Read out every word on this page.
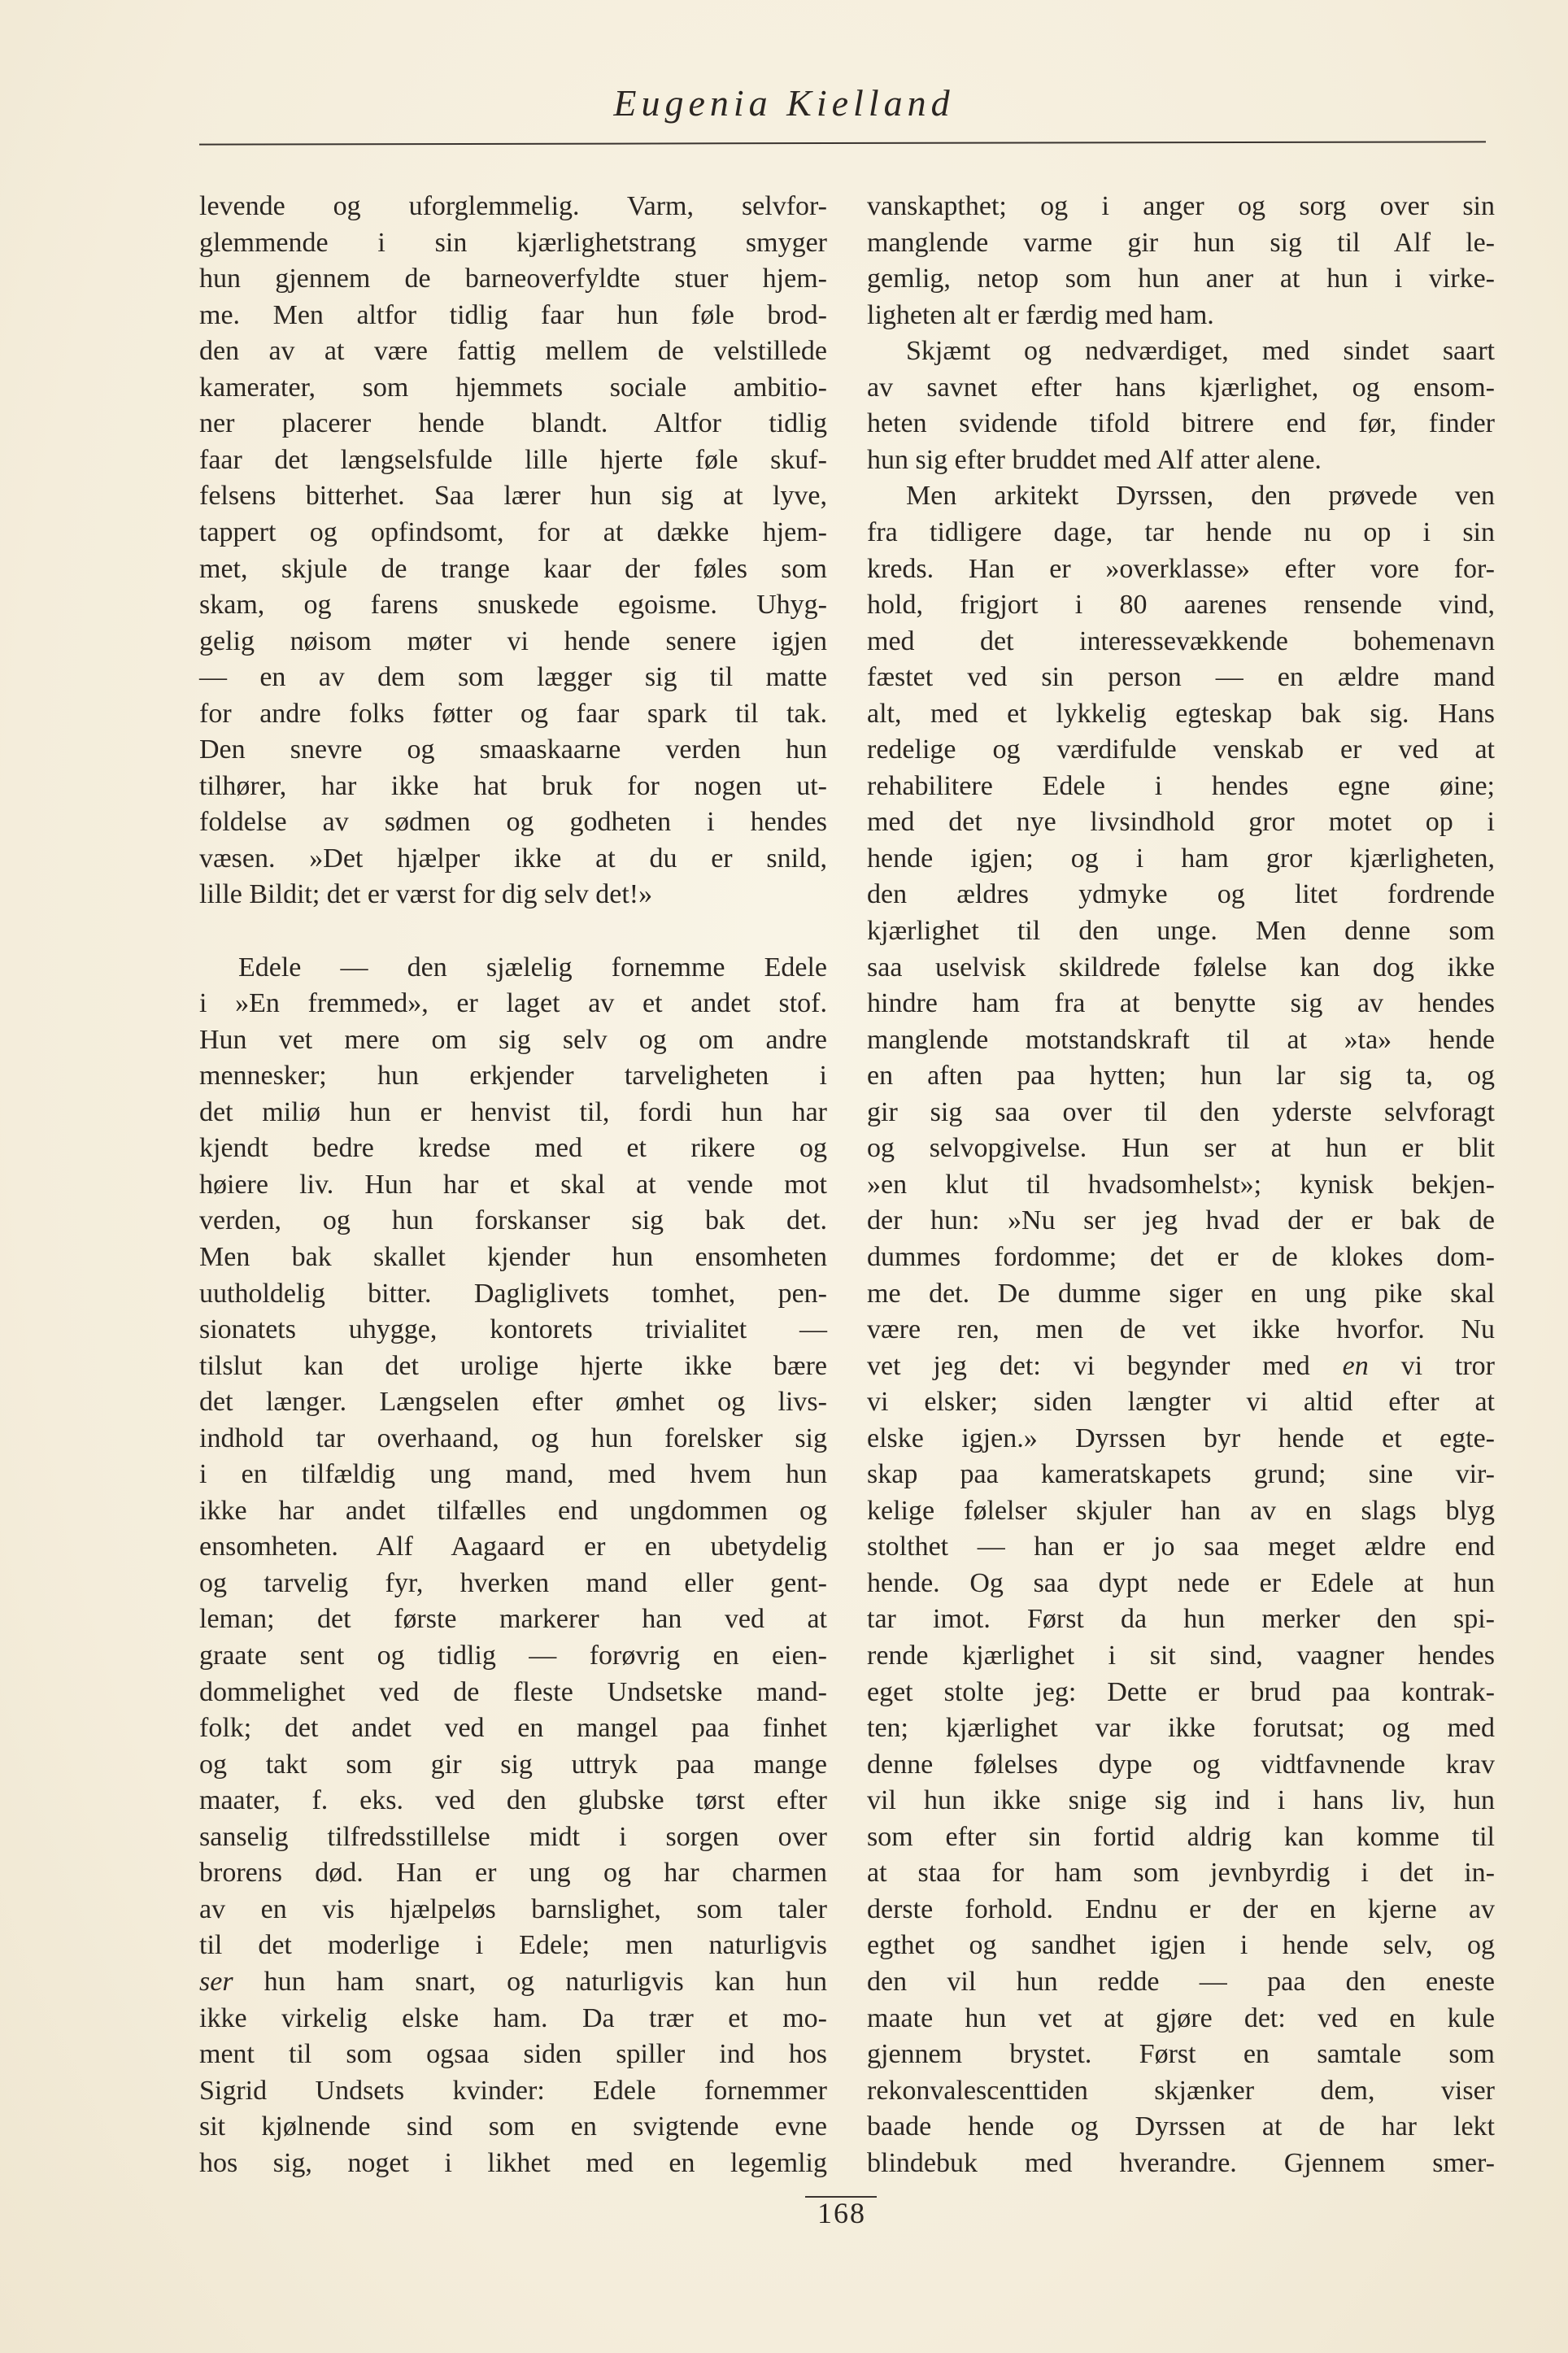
Eugenia Kielland
levende og uforglemmelig. Varm, selvfor-
glemmende i sin kjærlighetstrang smyger
hun gjennem de barneoverfyldte stuer hjem-
me. Men altfor tidlig faar hun føle brod-
den av at være fattig mellem de velstillede
kamerater, som hjemmets sociale ambitio-
ner placerer hende blandt. Altfor tidlig
faar det længselsfulde lille hjerte føle skuf-
felsens bitterhet. Saa lærer hun sig at lyve,
tappert og opfindsomt, for at dække hjem-
met, skjule de trange kaar der føles som
skam, og farens snuskede egoisme. Uhyg-
gelig nøisom møter vi hende senere igjen
— en av dem som lægger sig til matte
for andre folks føtter og faar spark til tak.
Den snevre og smaaskaarne verden hun
tilhører, har ikke hat bruk for nogen ut-
foldelse av sødmen og godheten i hendes
væsen. »Det hjælper ikke at du er snild,
lille Bildit; det er værst for dig selv det!»
Edele — den sjælelig fornemme Edele
i »En fremmed», er laget av et andet stof.
Hun vet mere om sig selv og om andre
mennesker; hun erkjender tarveligheten i
det miliø hun er henvist til, fordi hun har
kjendt bedre kredse med et rikere og
høiere liv. Hun har et skal at vende mot
verden, og hun forskanser sig bak det.
Men bak skallet kjender hun ensomheten
uutholdelig bitter. Dagliglivets tomhet, pen-
sionatets uhygge, kontorets trivialitet —
tilslut kan det urolige hjerte ikke bære
det længer. Længselen efter ømhet og livs-
indhold tar overhaand, og hun forelsker sig
i en tilfældig ung mand, med hvem hun
ikke har andet tilfælles end ungdommen og
ensomheten. Alf Aagaard er en ubetydelig
og tarvelig fyr, hverken mand eller gent-
leman; det første markerer han ved at
graate sent og tidlig — forøvrig en eien-
dommelighet ved de fleste Undsetske mand-
folk; det andet ved en mangel paa finhet
og takt som gir sig uttryk paa mange
maater, f. eks. ved den glubske tørst efter
sanselig tilfredsstillelse midt i sorgen over
brorens død. Han er ung og har charmen
av en vis hjælpeløs barnslighet, som taler
til det moderlige i Edele; men naturligvis
ser hun ham snart, og naturligvis kan hun
ikke virkelig elske ham. Da trær et mo-
ment til som ogsaa siden spiller ind hos
Sigrid Undsets kvinder: Edele fornemmer
sit kjølnende sind som en svigtende evne
hos sig, noget i likhet med en legemlig
vanskapthet; og i anger og sorg over sin
manglende varme gir hun sig til Alf le-
gemlig, netop som hun aner at hun i virke-
ligheten alt er færdig med ham.
Skjæmt og nedværdiget, med sindet saart
av savnet efter hans kjærlighet, og ensom-
heten svidende tifold bitrere end før, finder
hun sig efter bruddet med Alf atter alene.
Men arkitekt Dyrssen, den prøvede ven
fra tidligere dage, tar hende nu op i sin
kreds. Han er »overklasse» efter vore for-
hold, frigjort i 80 aarenes rensende vind,
med det interessevækkende bohemenavn
fæstet ved sin person — en ældre mand
alt, med et lykkelig egteskap bak sig. Hans
redelige og værdifulde venskab er ved at
rehabilitere Edele i hendes egne øine;
med det nye livsindhold gror motet op i
hende igjen; og i ham gror kjærligheten,
den ældres ydmyke og litet fordrende
kjærlighet til den unge. Men denne som
saa uselvisk skildrede følelse kan dog ikke
hindre ham fra at benytte sig av hendes
manglende motstandskraft til at »ta» hende
en aften paa hytten; hun lar sig ta, og
gir sig saa over til den yderste selvforagt
og selvopgivelse. Hun ser at hun er blit
»en klut til hvadsomhelst»; kynisk bekjen-
der hun: »Nu ser jeg hvad der er bak de
dummes fordomme; det er de klokes dom-
me det. De dumme siger en ung pike skal
være ren, men de vet ikke hvorfor. Nu
vet jeg det: vi begynder med en vi tror
vi elsker; siden længter vi altid efter at
elske igjen.» Dyrssen byr hende et egte-
skap paa kameratskapets grund; sine vir-
kelige følelser skjuler han av en slags blyg
stolthet — han er jo saa meget ældre end
hende. Og saa dypt nede er Edele at hun
tar imot. Først da hun merker den spi-
rende kjærlighet i sit sind, vaagner hendes
eget stolte jeg: Dette er brud paa kontrak-
ten; kjærlighet var ikke forutsat; og med
denne følelses dype og vidtfavnende krav
vil hun ikke snige sig ind i hans liv, hun
som efter sin fortid aldrig kan komme til
at staa for ham som jevnbyrdig i det in-
derste forhold. Endnu er der en kjerne av
egthet og sandhet igjen i hende selv, og
den vil hun redde — paa den eneste
maate hun vet at gjøre det: ved en kule
gjennem brystet. Først en samtale som
rekonvalescenttiden skjænker dem, viser
baade hende og Dyrssen at de har lekt
blindebuk med hverandre. Gjennem smer-
168
